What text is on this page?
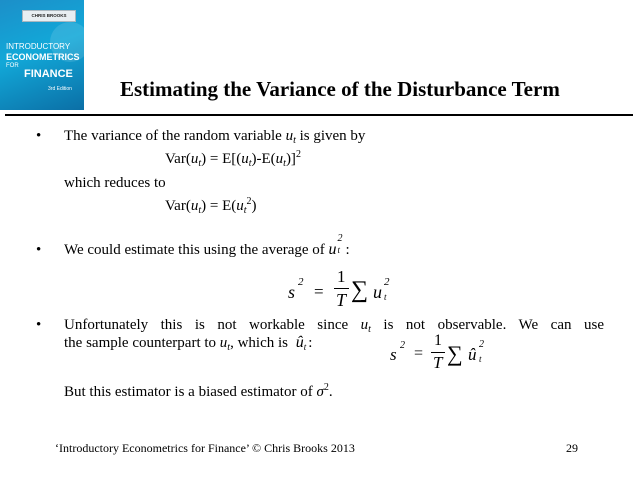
CHRIS BROOKS
INTRODUCTORY
ECONOMETRICS
FOR
FINANCE
3rd Edition Estimating the Variance of the Disturbance Term
• The variance of the random variable $u_t$ is given by
$Var(u_t) = E[(u_t)-E(u_t)]^2$
which reduces to
$Var(u_t) = E(u_t^2)$
• We could estimate this using the average of u
2
t :
s 2 =
1
T ∑ u 2
t
• Unfortunately this is not workable since $u_t$ is not observable. We can use
the sample counterpart to $u_t$, which is $û_t$ :
s 2 =
1
T ∑ û
2
t
But this estimator is a biased estimator of $\sigma^2$.
‘Introductory Econometrics for Finance’ © Chris Brooks 2013	29
